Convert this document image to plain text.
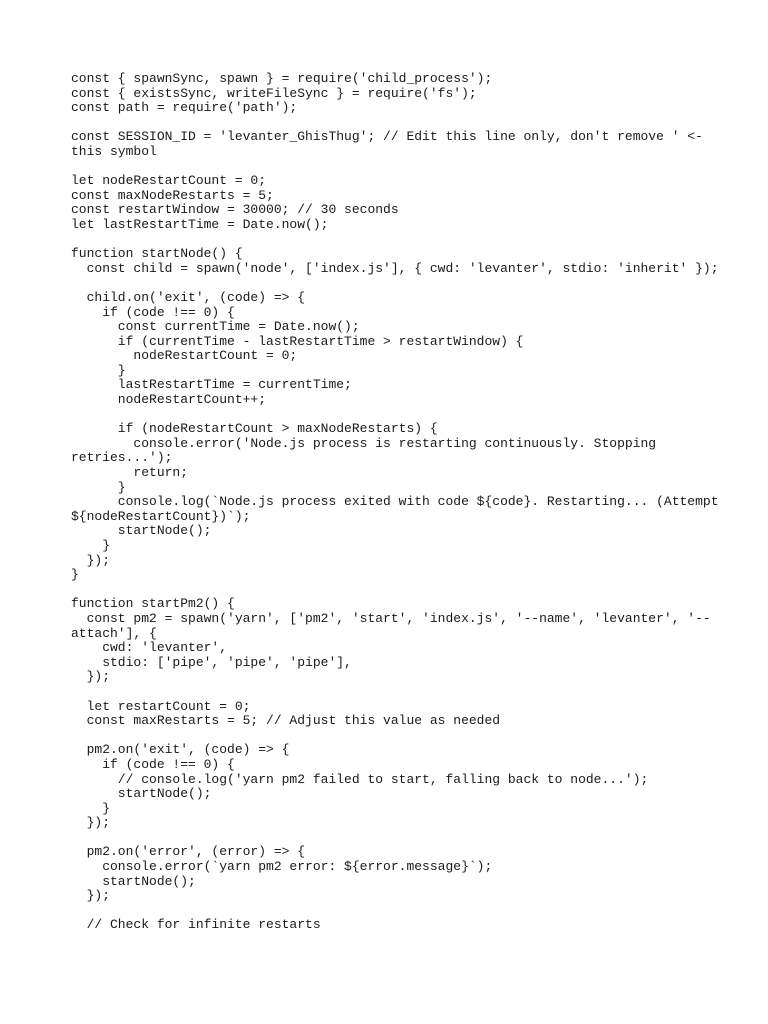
const { spawnSync, spawn } = require('child_process');
const { existsSync, writeFileSync } = require('fs');
const path = require('path');
const SESSION_ID = 'levanter_GhisThug'; // Edit this line only, don't remove ' <-
this symbol
let nodeRestartCount = 0;
const maxNodeRestarts = 5;
const restartWindow = 30000; // 30 seconds
let lastRestartTime = Date.now();
function startNode() {
const child = spawn('node', ['index.js'], { cwd: 'levanter', stdio: 'inherit' });
child.on('exit', (code) => {
if (code !== 0) {
const currentTime = Date.now();
if (currentTime - lastRestartTime > restartWindow) {
nodeRestartCount = 0;
}
lastRestartTime = currentTime;
nodeRestartCount++;
if (nodeRestartCount > maxNodeRestarts) {
console.error('Node.js process is restarting continuously. Stopping
retries...');
return;
}
console.log(`Node.js process exited with code ${code}. Restarting... (Attempt
${nodeRestartCount})`);
startNode();
}
});
}
function startPm2() {
const pm2 = spawn('yarn', ['pm2', 'start', 'index.js', '--name', 'levanter', '--
attach'], {
cwd: 'levanter',
stdio: ['pipe', 'pipe', 'pipe'],
});
let restartCount = 0;
const maxRestarts = 5; // Adjust this value as needed
pm2.on('exit', (code) => {
if (code !== 0) {
// console.log('yarn pm2 failed to start, falling back to node...');
startNode();
}
});
pm2.on('error', (error) => {
console.error(`yarn pm2 error: ${error.message}`);
startNode();
});
// Check for infinite restarts
